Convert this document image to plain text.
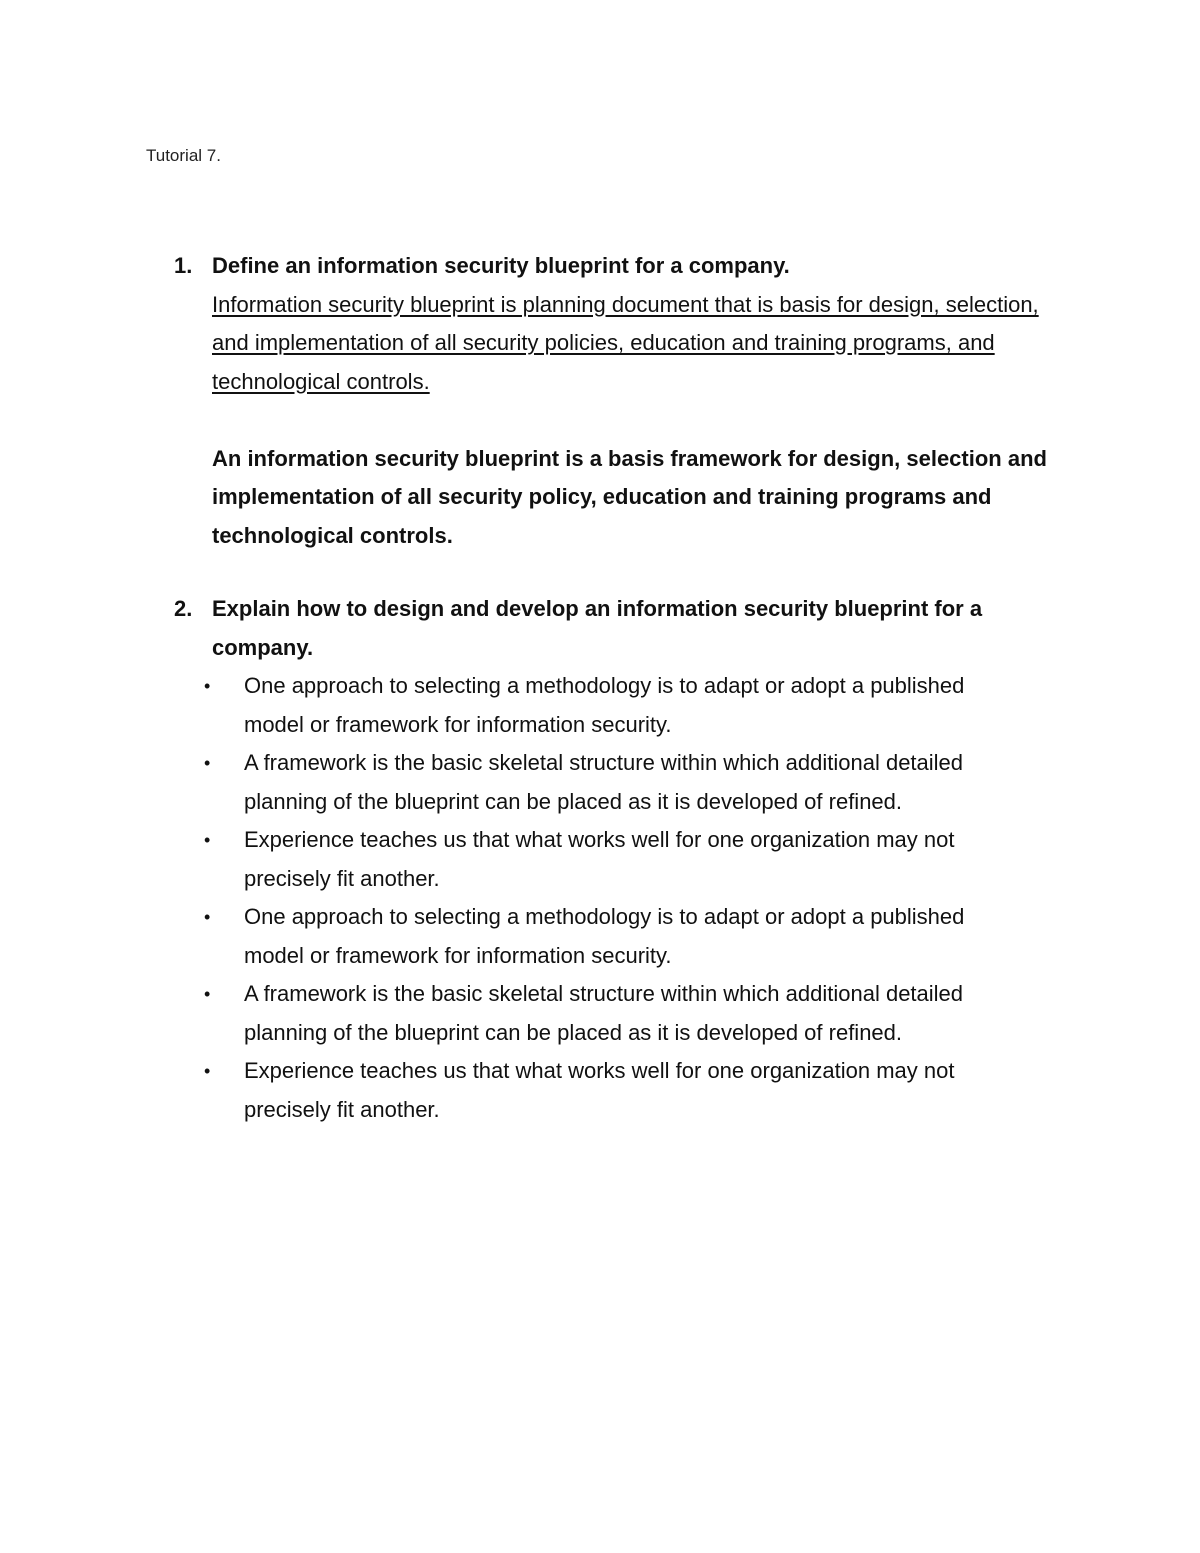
Tutorial 7.
1. Define an information security blueprint for a company.

Information security blueprint is planning document that is basis for design, selection, and implementation of all security policies, education and training programs, and technological controls.

An information security blueprint is a basis framework for design, selection and implementation of all security policy, education and training programs and technological controls.

2. Explain how to design and develop an information security blueprint for a company.

•	One approach to selecting a methodology is to adapt or adopt a published model or framework for information security.
•	A framework is the basic skeletal structure within which additional detailed planning of the blueprint can be placed as it is developed of refined.
•	Experience teaches us that what works well for one organization may not precisely fit another.
•	One approach to selecting a methodology is to adapt or adopt a published model or framework for information security.
•	A framework is the basic skeletal structure within which additional detailed planning of the blueprint can be placed as it is developed of refined.
•	Experience teaches us that what works well for one organization may not precisely fit another.
